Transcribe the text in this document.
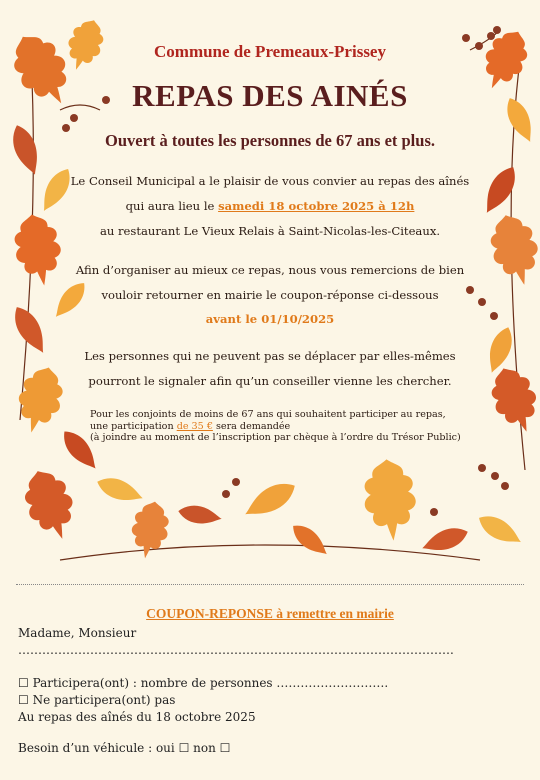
Commune de Premeaux-Prissey
REPAS DES AINÉS
Ouvert à toutes les personnes de 67 ans et plus.
Le Conseil Municipal a le plaisir de vous convier au repas des aînés
qui aura lieu le samedi 18 octobre 2025 à 12h
au restaurant Le Vieux Relais à Saint-Nicolas-les-Citeaux.
Afin d’organiser au mieux ce repas, nous vous remercions de bien
vouloir retourner en mairie le coupon-réponse ci-dessous
avant le 01/10/2025
Les personnes qui ne peuvent pas se déplacer par elles-mêmes
pourront le signaler afin qu’un conseiller vienne les chercher.
Pour les conjoints de moins de 67 ans qui souhaitent participer au repas,
une participation de 35 € sera demandée
(à joindre au moment de l’inscription par chèque à l’ordre du Trésor Public)
COUPON-REPONSE à remettre en mairie
Madame, Monsieur
……………………………………………………………………………………………….
☐ Participera(ont) : nombre de personnes ……………………….
☐ Ne participera(ont) pas
Au repas des aînés du 18 octobre 2025
Besoin d’un véhicule : oui ☐ non ☐
